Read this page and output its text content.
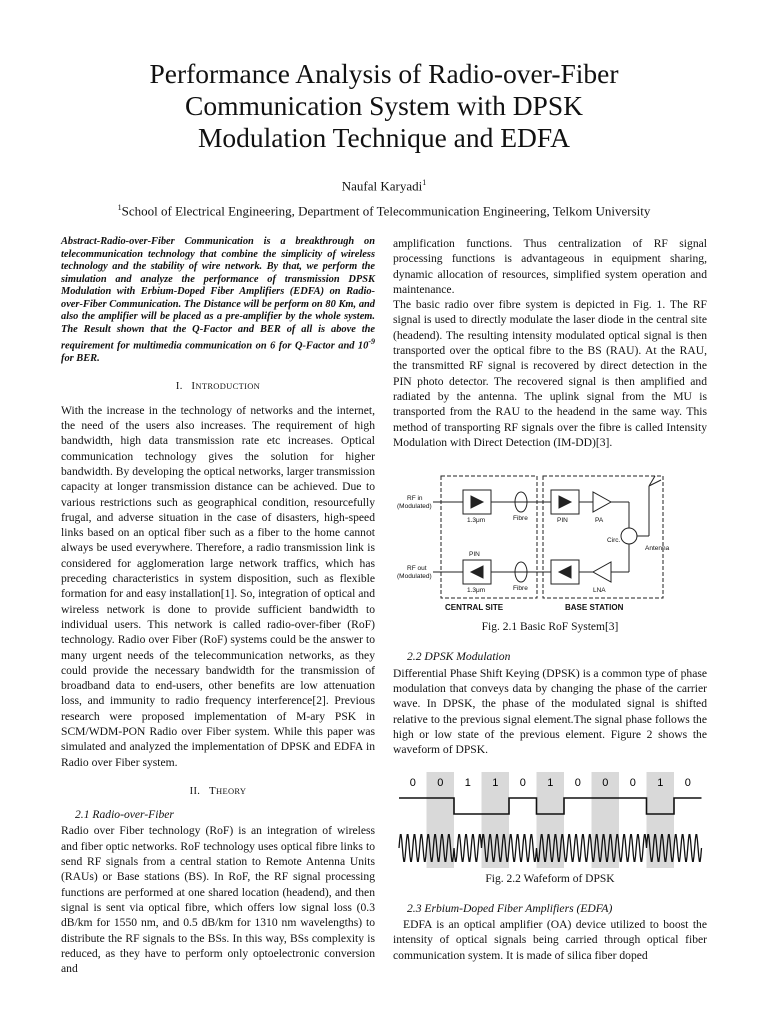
Performance Analysis of Radio-over-Fiber
Communication System with DPSK
Modulation Technique and EDFA
Naufal Karyadi$^1$
$^1$School of Electrical Engineering, Department of Telecommunication Engineering, Telkom University

Abstract-Radio-over-Fiber Communication is a breakthrough on telecommunication technology that combine the simplicity of wireless technology and the stability of wire network. By that, we perform the simulation and analyze the performance of transmission DPSK Modulation with Erbium-Doped Fiber Amplifiers (EDFA) on Radio-over-Fiber Communication. The Distance will be perform on 80 Km, and also the amplifier will be placed as a pre-amplifier by the whole system. The Result shown that the Q-Factor and BER of all is above the requirement for multimedia communication on 6 for Q-Factor and $10^{-9}$ for BER.

I. INTRODUCTION

With the increase in the technology of networks and the internet, the need of the users also increases. The requirement of high bandwidth, high data transmission rate etc increases. Optical communication technology gives the solution for higher bandwidth. By developing the optical networks, larger transmission capacity at longer transmission distance can be achieved. Due to various restrictions such as geographical condition, resourcefully frugal, and adverse situation in the case of disasters, high-speed links based on an optical fiber such as a fiber to the home cannot always be used everywhere. Therefore, a radio transmission link is considered for agglomeration large network traffics, which has preceding characteristics in system disposition, such as flexible formation for and easy installation[1]. So, integration of optical and wireless network is done to provide sufficient bandwidth to individual users. This network is called radio-over-fiber (RoF) technology. Radio over Fiber (RoF) systems could be the answer to many urgent needs of the telecommunication networks, as they could provide the necessary bandwidth for the transmission of broadband data to end-users, other benefits are low attenuation loss, and immunity to radio frequency interference[2]. Previous research were proposed implementation of M-ary PSK in SCM/WDM-PON Radio over Fiber system. While this paper was simulated and analyzed the implementation of DPSK and EDFA in Radio over Fiber system.

II. THEORY
2.1 Radio-over-Fiber

Radio over Fiber technology (RoF) is an integration of wireless and fiber optic networks. RoF technology uses optical fibre links to send RF signals from a central station to Remote Antenna Units (RAUs) or Base stations (BS). In RoF, the RF signal processing functions are performed at one shared location (headend), and then signal is sent via optical fibre, which offers low signal loss (0.3 dB/km for 1550 nm, and 0.5 dB/km for 1310 nm wavelengths) to distribute the RF signals to the BSs. In this way, BSs complexity is reduced, as they have to perform only optoelectronic conversion and

amplification functions. Thus centralization of RF signal processing functions is advantageous in equipment sharing, dynamic allocation of resources, simplified system operation and maintenance.

The basic radio over fibre system is depicted in Fig. 1. The RF signal is used to directly modulate the laser diode in the central site (headend). The resulting intensity modulated optical signal is then transported over the optical fibre to the BS (RAU). At the RAU, the transmitted RF signal is recovered by direct detection in the PIN photo detector. The recovered signal is then amplified and radiated by the antenna. The uplink signal from the MU is transported from the RAU to the headend in the same way. This method of transporting RF signals over the fibre is called Intensity Modulation with Direct Detection (IM-DD)[3].

RF in
(Modulated)
RF out
(Modulated)
1.3μm
1.3μm
Fibre
Fibre
PIN
PIN
PA
LNA
Circ.
Antenna
CENTRAL SITE	BASE STATION
Fig. 2.1 Basic RoF System[3]
2.2 DPSK Modulation

Differential Phase Shift Keying (DPSK) is a common type of phase modulation that conveys data by changing the phase of the carrier wave. In DPSK, the phase of the modulated signal is shifted relative to the previous signal element.The signal phase follows the high or low state of the previous element. Figure 2 shows the waveform of DPSK.

0 0 1 1 0 1 0 0 0 1 0
Fig. 2.2 Wafeform of DPSK
2.3 Erbium-Doped Fiber Amplifiers (EDFA)

EDFA is an optical amplifier (OA) device utilized to boost the intensity of optical signals being carried through optical fiber communication system. It is made of silica fiber doped
